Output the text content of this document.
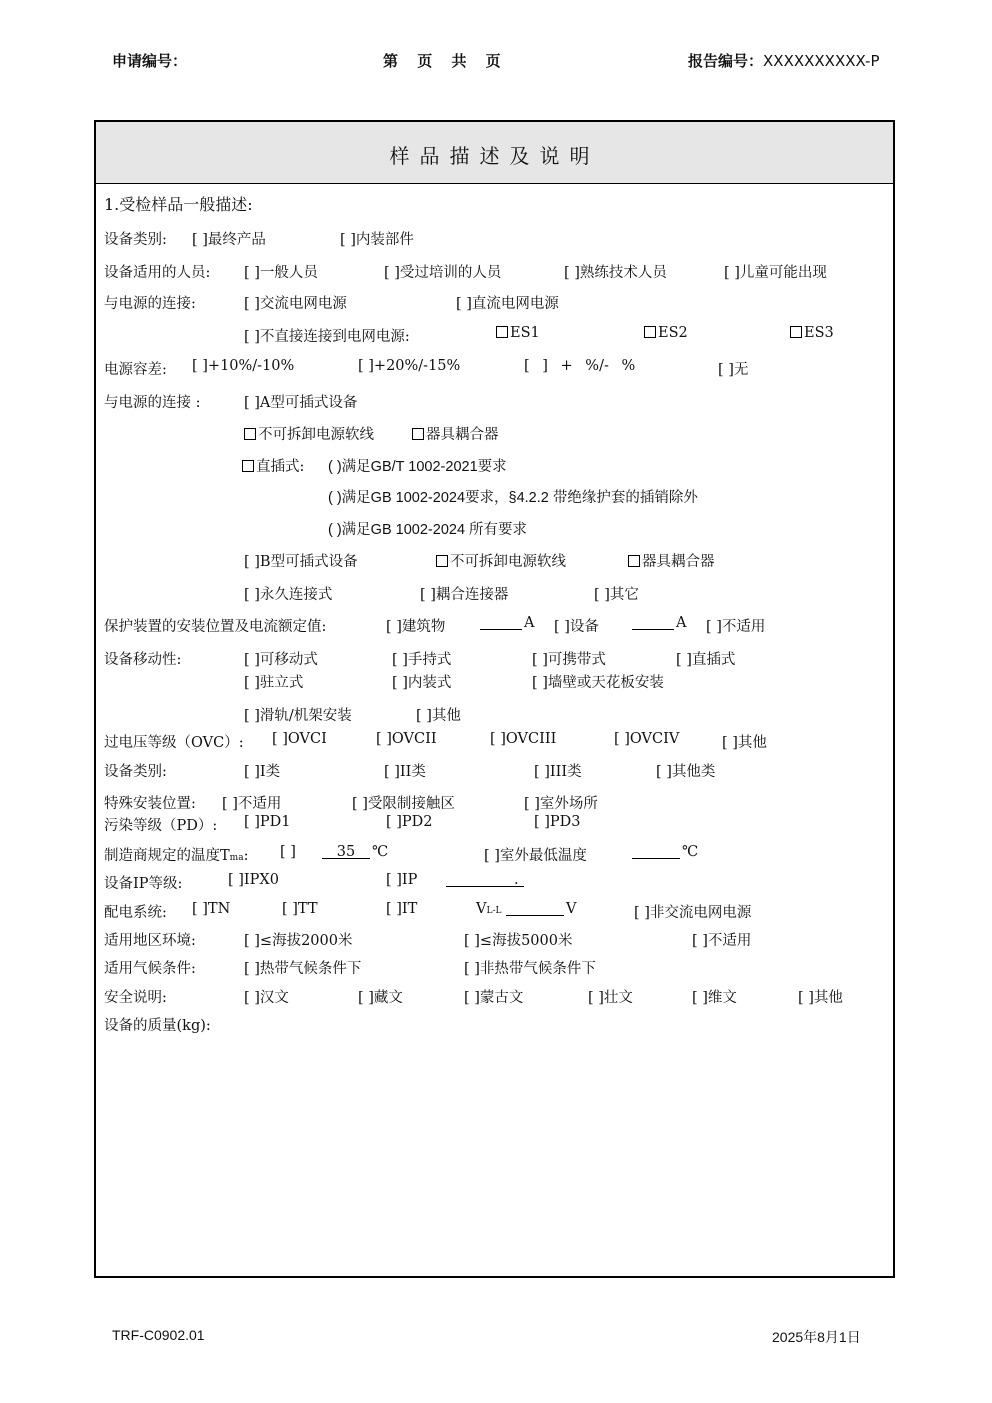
申请编号：	第 页 共 页	报告编号：XXXXXXXXXX-P
样品描述及说明
1.受检样品一般描述:
设备类别: [ ]最终产品	[ ]内装部件
设备适用的人员: [ ]一般人员	[ ]受过培训的人员	[ ]熟练技术人员	[ ]儿童可能出现
与电源的连接:	[ ]交流电网电源	[ ]直流电网电源
[ ]不直接连接到电网电源:	ES1	ES2	ES3
电源容差: [ ]+10%/-10%	[ ]+20%/-15%	[ ] + %/- %	[ ]无
与电源的连接 :	[ ]A型可插式设备
不可拆卸电源软线	器具耦合器
直插式: ( )满足GB/T 1002-2021要求
( )满足GB 1002-2024要求，§4.2.2 带绝缘护套的插销除外
( )满足GB 1002-2024 所有要求
[ ]B型可插式设备	不可拆卸电源软线	器具耦合器
[ ]永久连接式	[ ]耦合连接器	[ ]其它
保护装置的安装位置及电流额定值:	[ ]建筑物	A [ ]设备	A [ ]不适用
设备移动性:	[ ]可移动式	[ ]手持式	[ ]可携带式	[ ]直插式
[ ]驻立式	[ ]内装式	[ ]墙壁或天花板安装
[ ]滑轨/机架安装	[ ]其他
过电压等级（OVC）: [ ]OVCI	[ ]OVCII	[ ]OVCIII	[ ]OVCIV	[ ]其他
设备类别:	[ ]I类	[ ]II类	[ ]III类	[ ]其他类
特殊安装位置: [ ]不适用	[ ]受限制接触区	[ ]室外场所
污染等级（PD）: [ ]PD1	[ ]PD2	[ ]PD3
制造商规定的温度Tma: [ ]	35	℃	[ ]室外最低温度	℃
设备IP等级:	[ ]IPX0	[ ]IP	.
配电系统: [ ]TN	[ ]TT	[ ]IT	VL-L	V	[ ]非交流电网电源
适用地区环境:	[ ]≤海拔2000米	[ ]≤海拔5000米	[ ]不适用
适用气候条件:	[ ]热带气候条件下	[ ]非热带气候条件下
安全说明:	[ ]汉文	[ ]藏文	[ ]蒙古文	[ ]壮文	[ ]维文	[ ]其他
设备的质量(kg):
TRF-C0902.01	2025年8月1日
